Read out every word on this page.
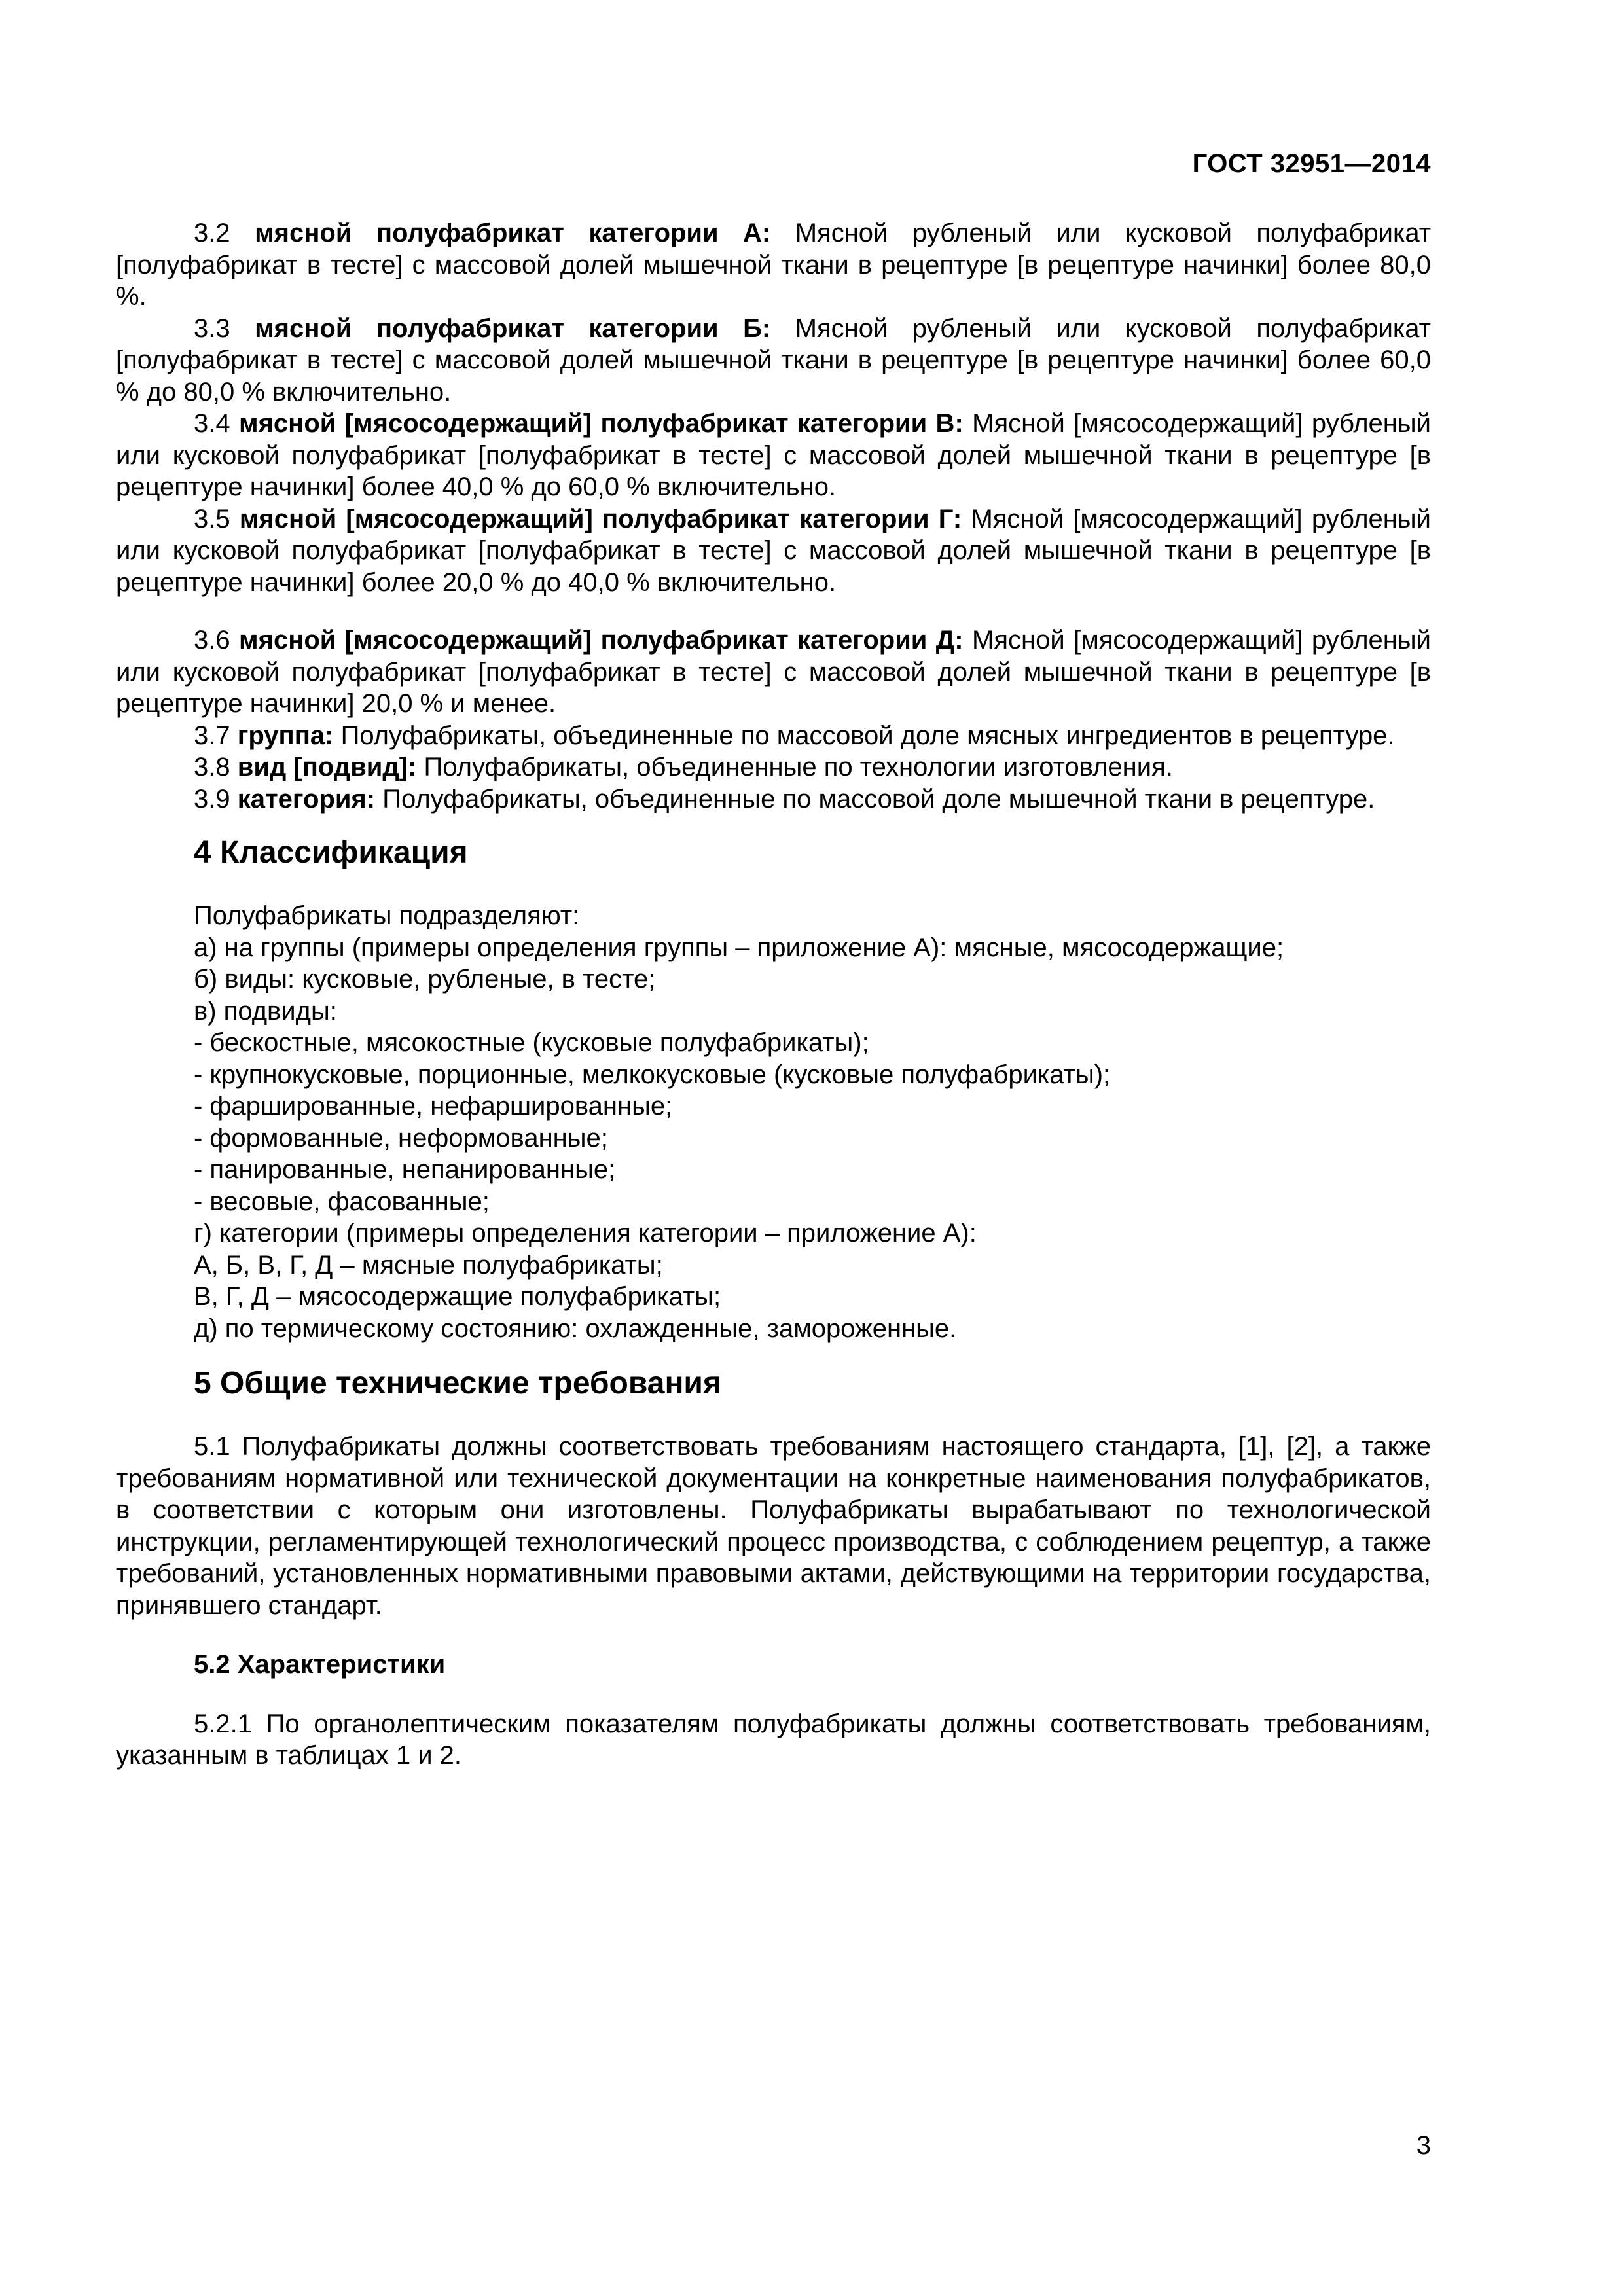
ГОСТ 32951—2014

3.2 мясной полуфабрикат категории А: Мясной рубленый или кусковой полуфабрикат [полуфабрикат в тесте] с массовой долей мышечной ткани в рецептуре [в рецептуре начинки] более 80,0 %.

3.3 мясной полуфабрикат категории Б: Мясной рубленый или кусковой полуфабрикат [полуфабрикат в тесте] с массовой долей мышечной ткани в рецептуре [в рецептуре начинки] более 60,0 % до 80,0 % включительно.

3.4 мясной [мясосодержащий] полуфабрикат категории В: Мясной [мясосодержащий] рубленый или кусковой полуфабрикат [полуфабрикат в тесте] с массовой долей мышечной ткани в рецептуре [в рецептуре начинки] более 40,0 % до 60,0 % включительно.

3.5 мясной [мясосодержащий] полуфабрикат категории Г: Мясной [мясосодержащий] рубленый или кусковой полуфабрикат [полуфабрикат в тесте] с массовой долей мышечной ткани в рецептуре [в рецептуре начинки] более 20,0 % до 40,0 % включительно.

3.6 мясной [мясосодержащий] полуфабрикат категории Д: Мясной [мясосодержащий] рубленый или кусковой полуфабрикат [полуфабрикат в тесте] с массовой долей мышечной ткани в рецептуре [в рецептуре начинки] 20,0 % и менее.

3.7 группа: Полуфабрикаты, объединенные по массовой доле мясных ингредиентов в рецептуре.

3.8 вид [подвид]: Полуфабрикаты, объединенные по технологии изготовления.

3.9 категория: Полуфабрикаты, объединенные по массовой доле мышечной ткани в рецептуре.

4 Классификация
Полуфабрикаты подразделяют:
а) на группы (примеры определения группы – приложение А): мясные, мясосодержащие;
б) виды: кусковые, рубленые, в тесте;
в) подвиды:
- бескостные, мясокостные (кусковые полуфабрикаты);
- крупнокусковые, порционные, мелкокусковые (кусковые полуфабрикаты);
- фаршированные, нефаршированные;
- формованные, неформованные;
- панированные, непанированные;
- весовые, фасованные;
г) категории (примеры определения категории – приложение А):
А, Б, В, Г, Д – мясные полуфабрикаты;
В, Г, Д – мясосодержащие полуфабрикаты;
д) по термическому состоянию: охлажденные, замороженные.
5 Общие технические требования

5.1 Полуфабрикаты должны соответствовать требованиям настоящего стандарта, [1], [2], а также требованиям нормативной или технической документации на конкретные наименования полуфабрикатов, в соответствии с которым они изготовлены. Полуфабрикаты вырабатывают по технологической инструкции, регламентирующей технологический процесс производства, с соблюдением рецептур, а также требований, установленных нормативными правовыми актами, действующими на территории государства, принявшего стандарт.

5.2 Характеристики

5.2.1 По органолептическим показателям полуфабрикаты должны соответствовать требованиям, указанным в таблицах 1 и 2.

3
